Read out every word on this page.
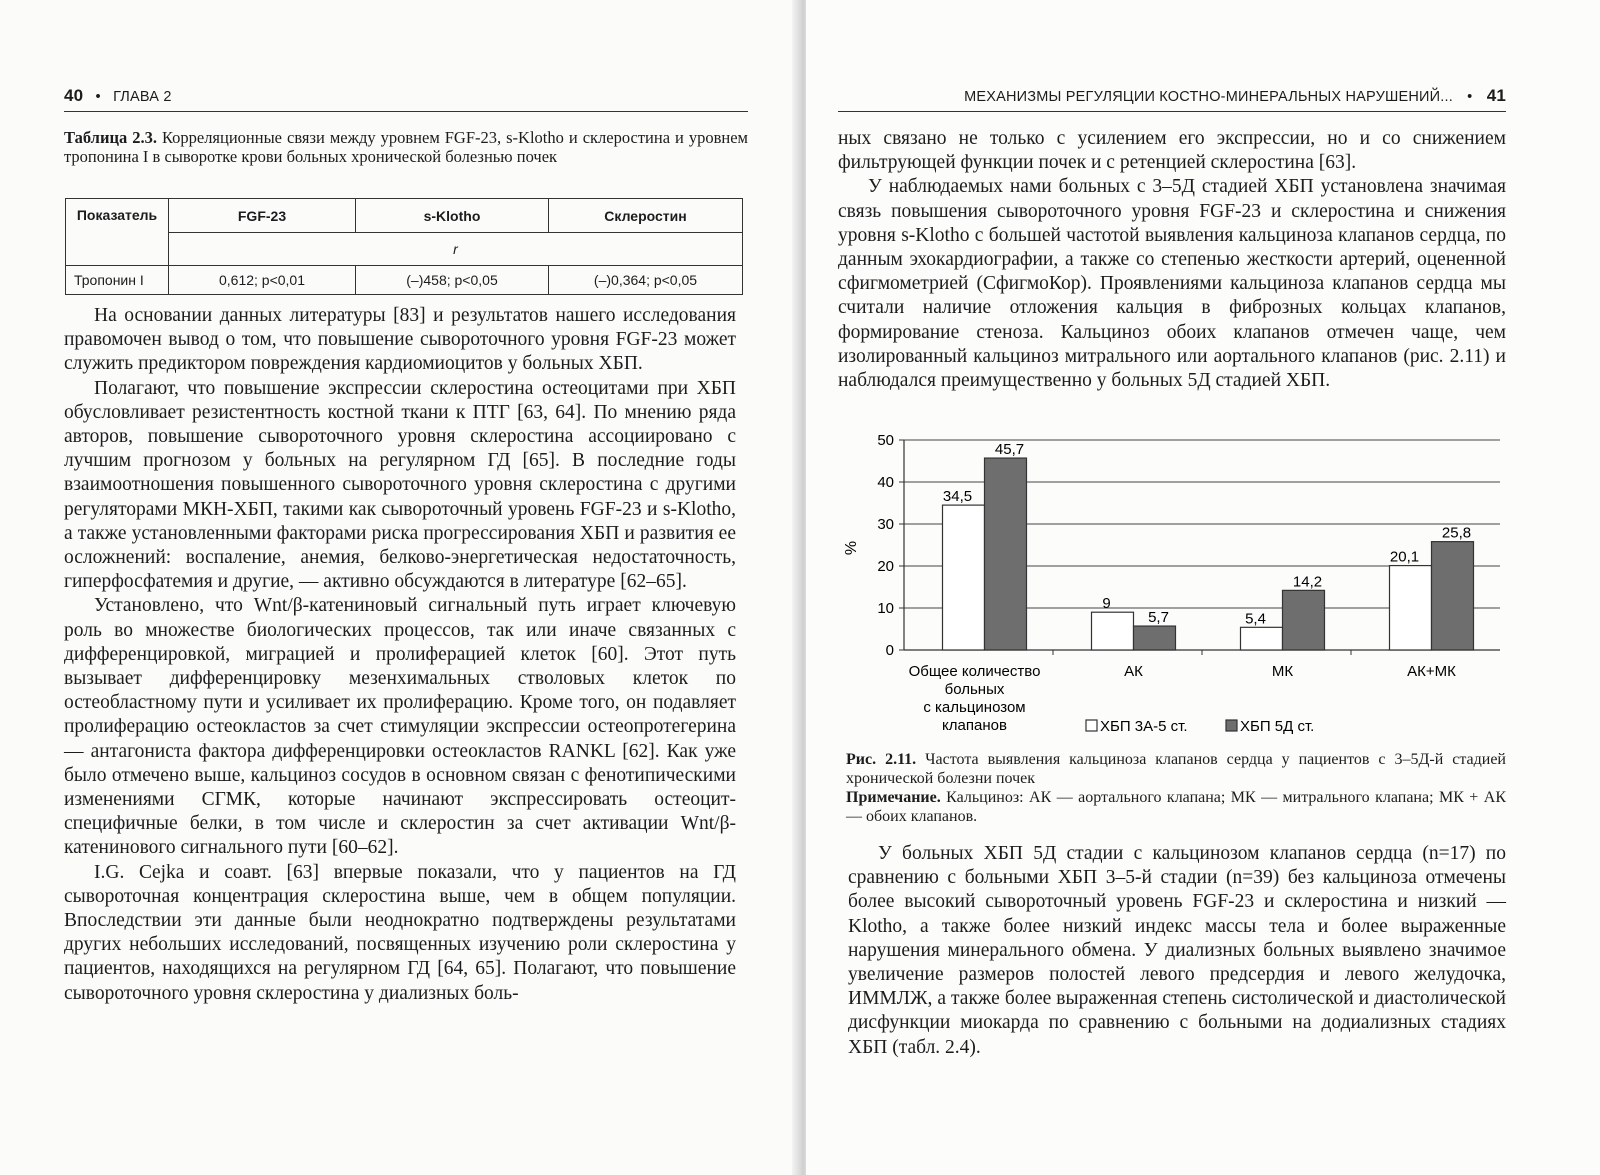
40 • ГЛАВА 2
Таблица 2.3. Корреляционные связи между уровнем FGF-23, s-Klotho и склеростина и уровнем тропонина I в сыворотке крови больных хронической болезнью почек
Показатель	FGF-23	s-Klotho	Склеростин
	r		
Тропонин I	0,612; p<0,01	(–)458; p<0,05	(–)0,364; p<0,05

На основании данных литературы [83] и результатов нашего исследования правомочен вывод о том, что повышение сывороточного уровня FGF-23 может служить предиктором повреждения кардиомиоцитов у больных ХБП.

Полагают, что повышение экспрессии склеростина остеоцитами при ХБП обусловливает резистентность костной ткани к ПТГ [63, 64]. По мнению ряда авторов, повышение сывороточного уровня склеростина ассоциировано с лучшим прогнозом у больных на регулярном ГД [65]. В последние годы взаимоотношения повышенного сывороточного уровня склеростина с другими регуляторами МКН-ХБП, такими как сывороточный уровень FGF-23 и s-Klotho, а также установленными факторами риска прогрессирования ХБП и развития ее осложнений: воспаление, анемия, белково-энергетическая недостаточность, гиперфосфатемия и другие, — активно обсуждаются в литературе [62–65].

Установлено, что Wnt/β-катениновый сигнальный путь играет ключевую роль во множестве биологических процессов, так или иначе связанных с дифференцировкой, миграцией и пролиферацией клеток [60]. Этот путь вызывает дифференцировку мезенхимальных стволовых клеток по остеобластному пути и усиливает их пролиферацию. Кроме того, он подавляет пролиферацию остеокластов за счет стимуляции экспрессии остеопротегерина — антагониста фактора дифференцировки остеокластов RANKL [62]. Как уже было отмечено выше, кальциноз сосудов в основном связан с фенотипическими изменениями СГМК, которые начинают экспрессировать остеоцит-специфичные белки, в том числе и склеростин за счет активации Wnt/β-катенинового сигнального пути [60–62].

I.G. Cejka и соавт. [63] впервые показали, что у пациентов на ГД сывороточная концентрация склеростина выше, чем в общем популяции. Впоследствии эти данные были неоднократно подтверждены результатами других небольших исследований, посвященных изучению роли склеростина у пациентов, находящихся на регулярном ГД [64, 65]. Полагают, что повышение сывороточного уровня склеростина у диализных боль-

МЕХАНИЗМЫ РЕГУЛЯЦИИ КОСТНО-МИНЕРАЛЬНЫХ НАРУШЕНИЙ... • 41

ных связано не только с усилением его экспрессии, но и со снижением фильтрующей функции почек и с ретенцией склеростина [63].

У наблюдаемых нами больных с 3–5Д стадией ХБП установлена значимая связь повышения сывороточного уровня FGF-23 и склеростина и снижения уровня s-Klotho с большей частотой выявления кальциноза клапанов сердца, по данным эхокардиографии, а также со степенью жесткости артерий, оцененной сфигмометрией (СфигмоКор). Проявлениями кальциноза клапанов сердца мы считали наличие отложения кальция в фиброзных кольцах клапанов, формирование стеноза. Кальциноз обоих клапанов отмечен чаще, чем изолированный кальциноз митрального или аортального клапанов (рис. 2.11) и наблюдался преимущественно у больных 5Д стадией ХБП.

Рис. 2.11. Частота выявления кальциноза клапанов сердца у пациентов с 3–5Д-й стадией хронической болезни почек
Примечание. Кальциноз: АК — аортального клапана; МК — митрального клапана; МК + АК — обоих клапанов.

У больных ХБП 5Д стадии с кальцинозом клапанов сердца (n=17) по сравнению с больными ХБП 3–5-й стадии (n=39) без кальциноза отмечены более высокий сывороточный уровень FGF-23 и склеростина и низкий — Klotho, а также более низкий индекс массы тела и более выраженные нарушения минерального обмена. У диализных больных выявлено значимое увеличение размеров полостей левого предсердия и левого желудочка, ИММЛЖ, а также более выраженная степень систолической и диастолической дисфункции миокарда по сравнению с больными на додиализных стадиях ХБП (табл. 2.4).

0
10
20
30
40
50
%
Общее количество
больных
с кальцинозом
клапанов
АК	МК	АК+МК
34,5
45,7
9
5,7	5,4
14,2
20,1
25,8
ХБП 3А-5 ст.	ХБП 5Д ст.
